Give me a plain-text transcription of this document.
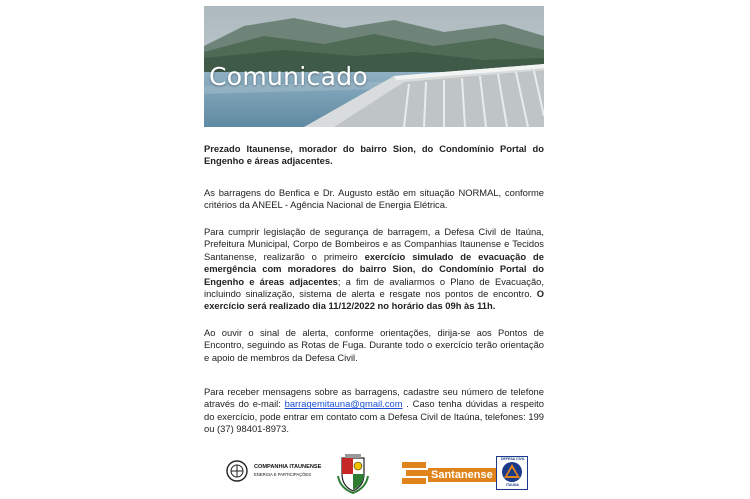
Comunicado
Prezado Itaunense, morador do bairro Sion, do Condomínio Portal do Engenho e áreas adjacentes.
As barragens do Benfica e Dr. Augusto estão em situação NORMAL, conforme critérios da ANEEL - Agência Nacional de Energia Elétrica.
Para cumprir legislação de segurança de barragem, a Defesa Civil de Itaúna, Prefeitura Municipal, Corpo de Bombeiros e as Companhias Itaunense e Tecidos Santanense, realizarão o primeiro exercício simulado de evacuação de emergência com moradores do bairro Sion, do Condomínio Portal do Engenho e áreas adjacentes; a fim de avaliarmos o Plano de Evacuação, incluindo sinalização, sistema de alerta e resgate nos pontos de encontro. O exercício será realizado dia 11/12/2022 no horário das 09h às 11h.
Ao ouvir o sinal de alerta, conforme orientações, dirija-se aos Pontos de Encontro, seguindo as Rotas de Fuga. Durante todo o exercício terão orientação e apoio de membros da Defesa Civil.
Para receber mensagens sobre as barragens, cadastre seu número de telefone através do e-mail: barragemitauna@gmail.com . Caso tenha dúvidas a respeito do exercício, pode entrar em contato com a Defesa Civil de Itaúna, telefones: 199 ou (37) 98401-8973.
COMPANHIA ITAUNENSE
ENERGIA E PARTICIPAÇÕES	Santanense
DEFESA CIVIL
ITAÚNA
